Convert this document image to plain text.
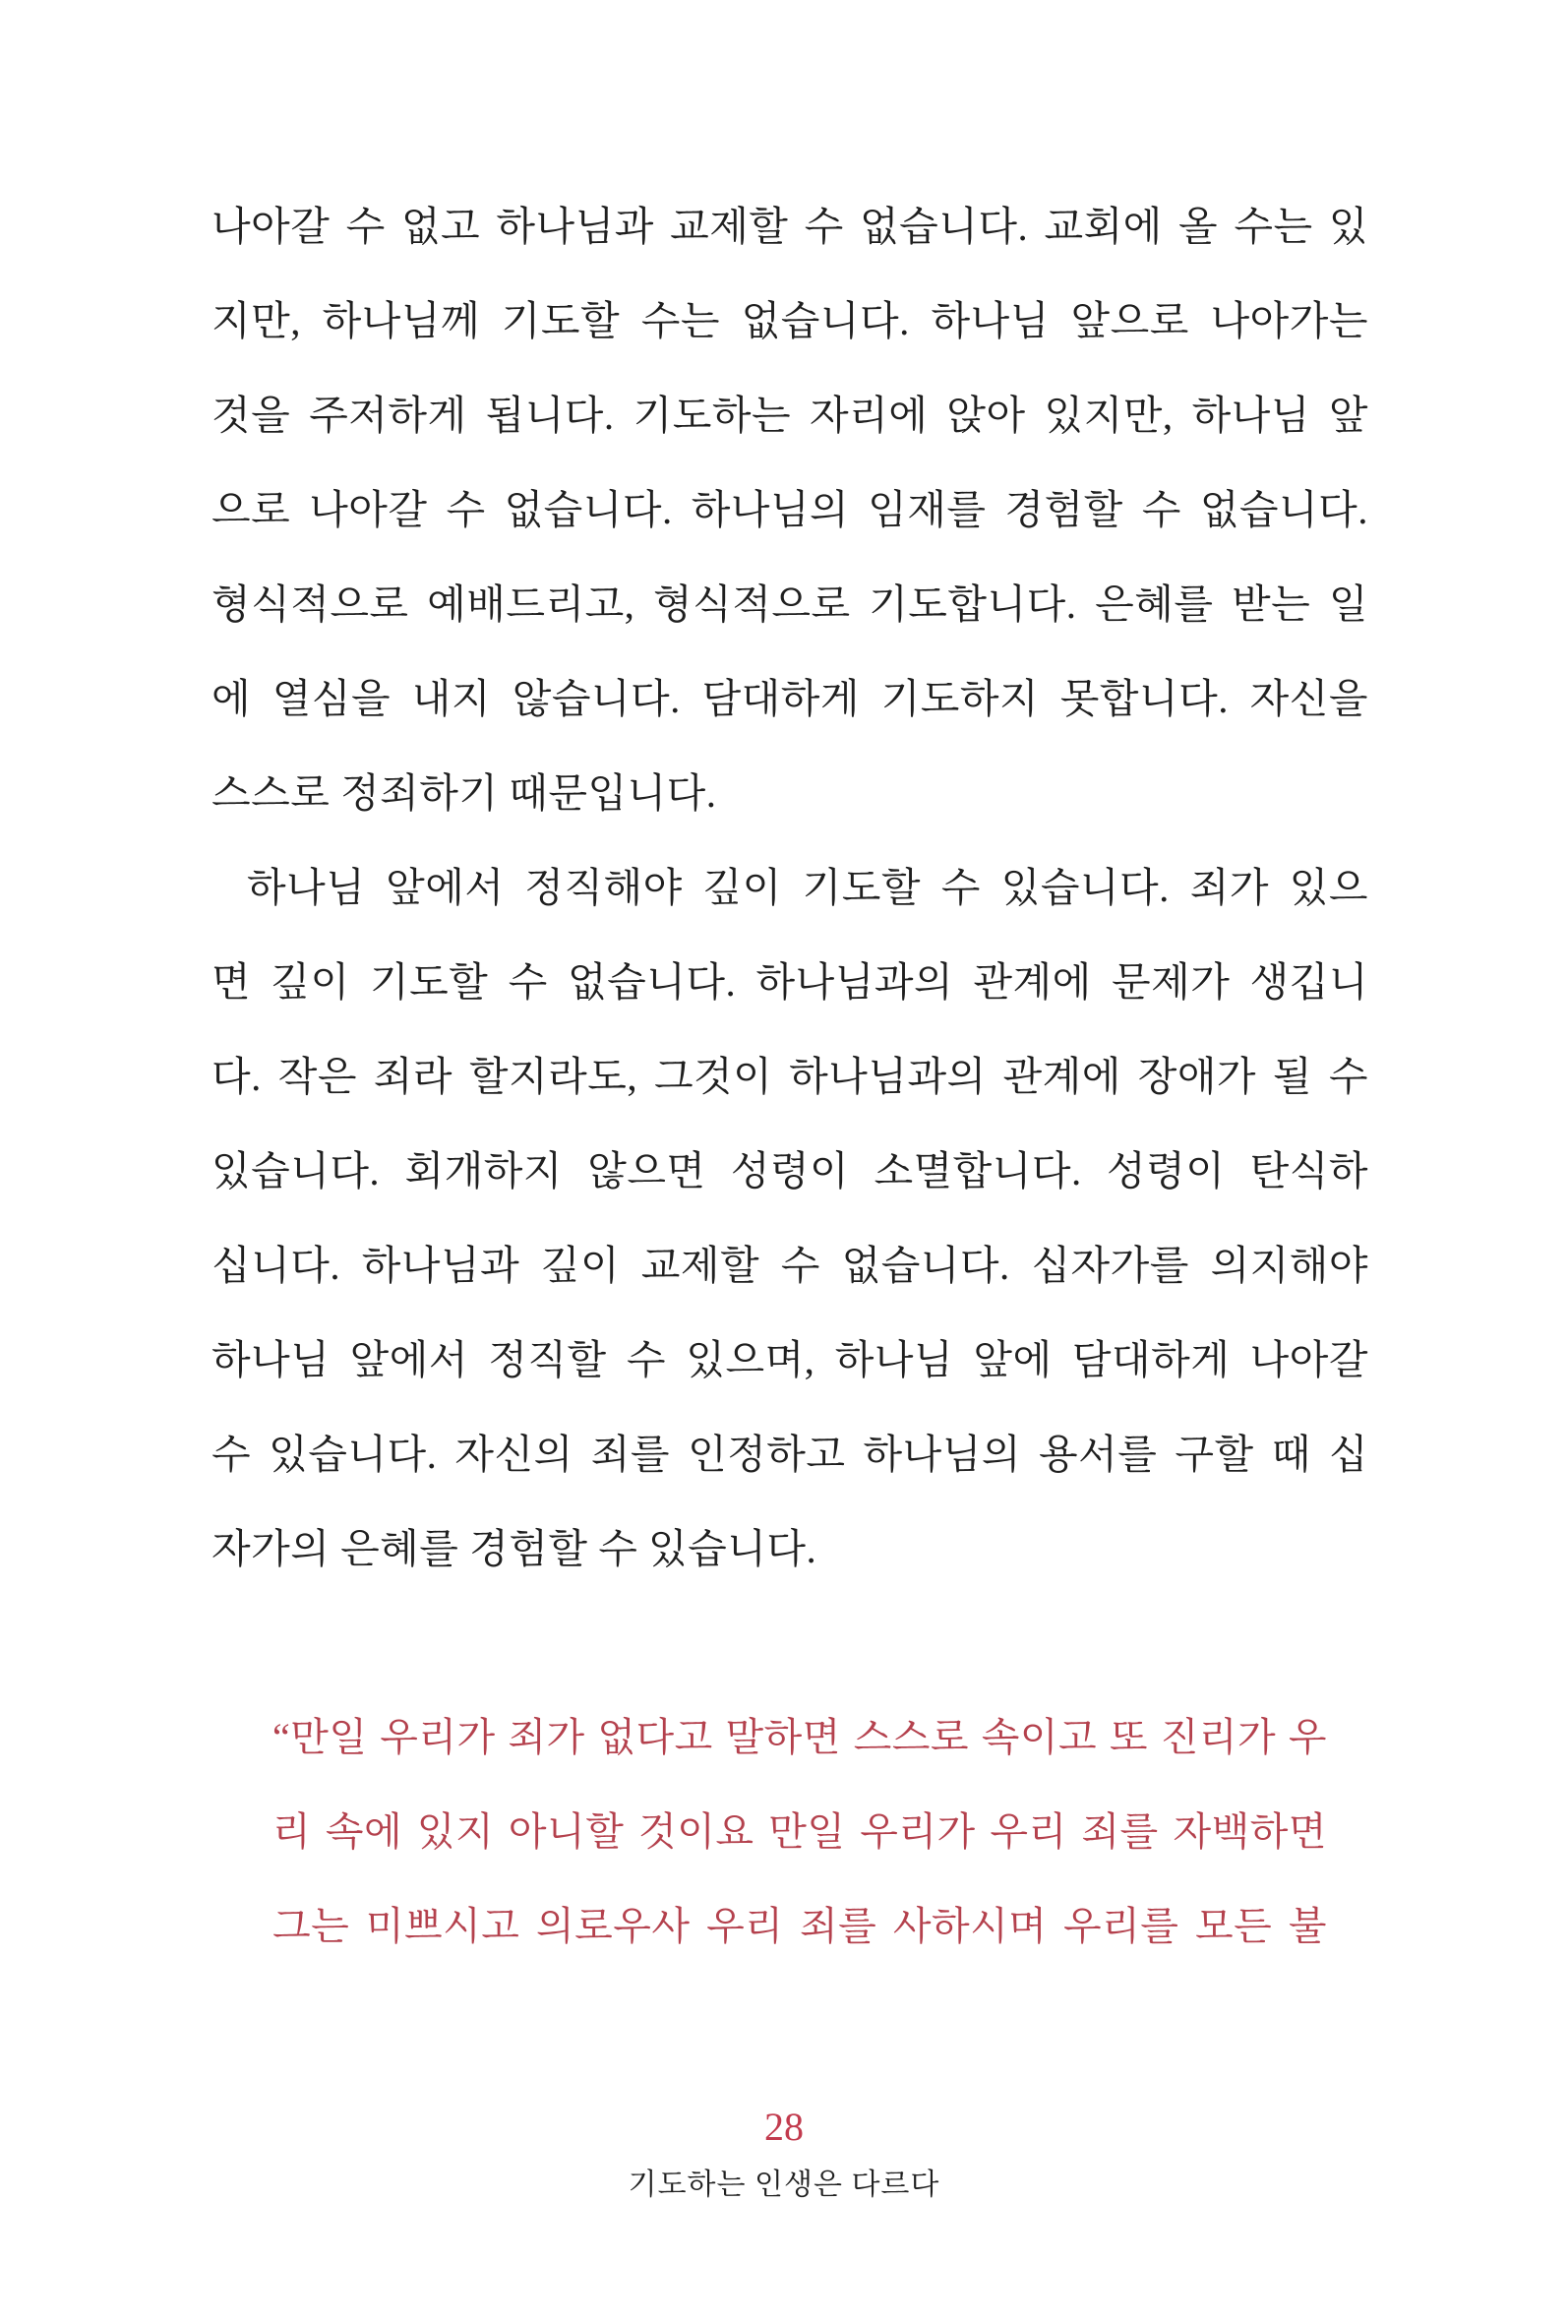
나아갈 수 없고 하나님과 교제할 수 없습니다. 교회에 올 수는 있
지만, 하나님께 기도할 수는 없습니다. 하나님 앞으로 나아가는
것을 주저하게 됩니다. 기도하는 자리에 앉아 있지만, 하나님 앞
으로 나아갈 수 없습니다. 하나님의 임재를 경험할 수 없습니다.
형식적으로 예배드리고, 형식적으로 기도합니다. 은혜를 받는 일
에 열심을 내지 않습니다. 담대하게 기도하지 못합니다. 자신을
스스로 정죄하기 때문입니다.
하나님 앞에서 정직해야 깊이 기도할 수 있습니다. 죄가 있으
면 깊이 기도할 수 없습니다. 하나님과의 관계에 문제가 생깁니
다. 작은 죄라 할지라도, 그것이 하나님과의 관계에 장애가 될 수
있습니다. 회개하지 않으면 성령이 소멸합니다. 성령이 탄식하
십니다. 하나님과 깊이 교제할 수 없습니다. 십자가를 의지해야
하나님 앞에서 정직할 수 있으며, 하나님 앞에 담대하게 나아갈
수 있습니다. 자신의 죄를 인정하고 하나님의 용서를 구할 때 십
자가의 은혜를 경험할 수 있습니다.
“만일 우리가 죄가 없다고 말하면 스스로 속이고 또 진리가 우
리 속에 있지 아니할 것이요 만일 우리가 우리 죄를 자백하면
그는 미쁘시고 의로우사 우리 죄를 사하시며 우리를 모든 불
28
기도하는 인생은 다르다
